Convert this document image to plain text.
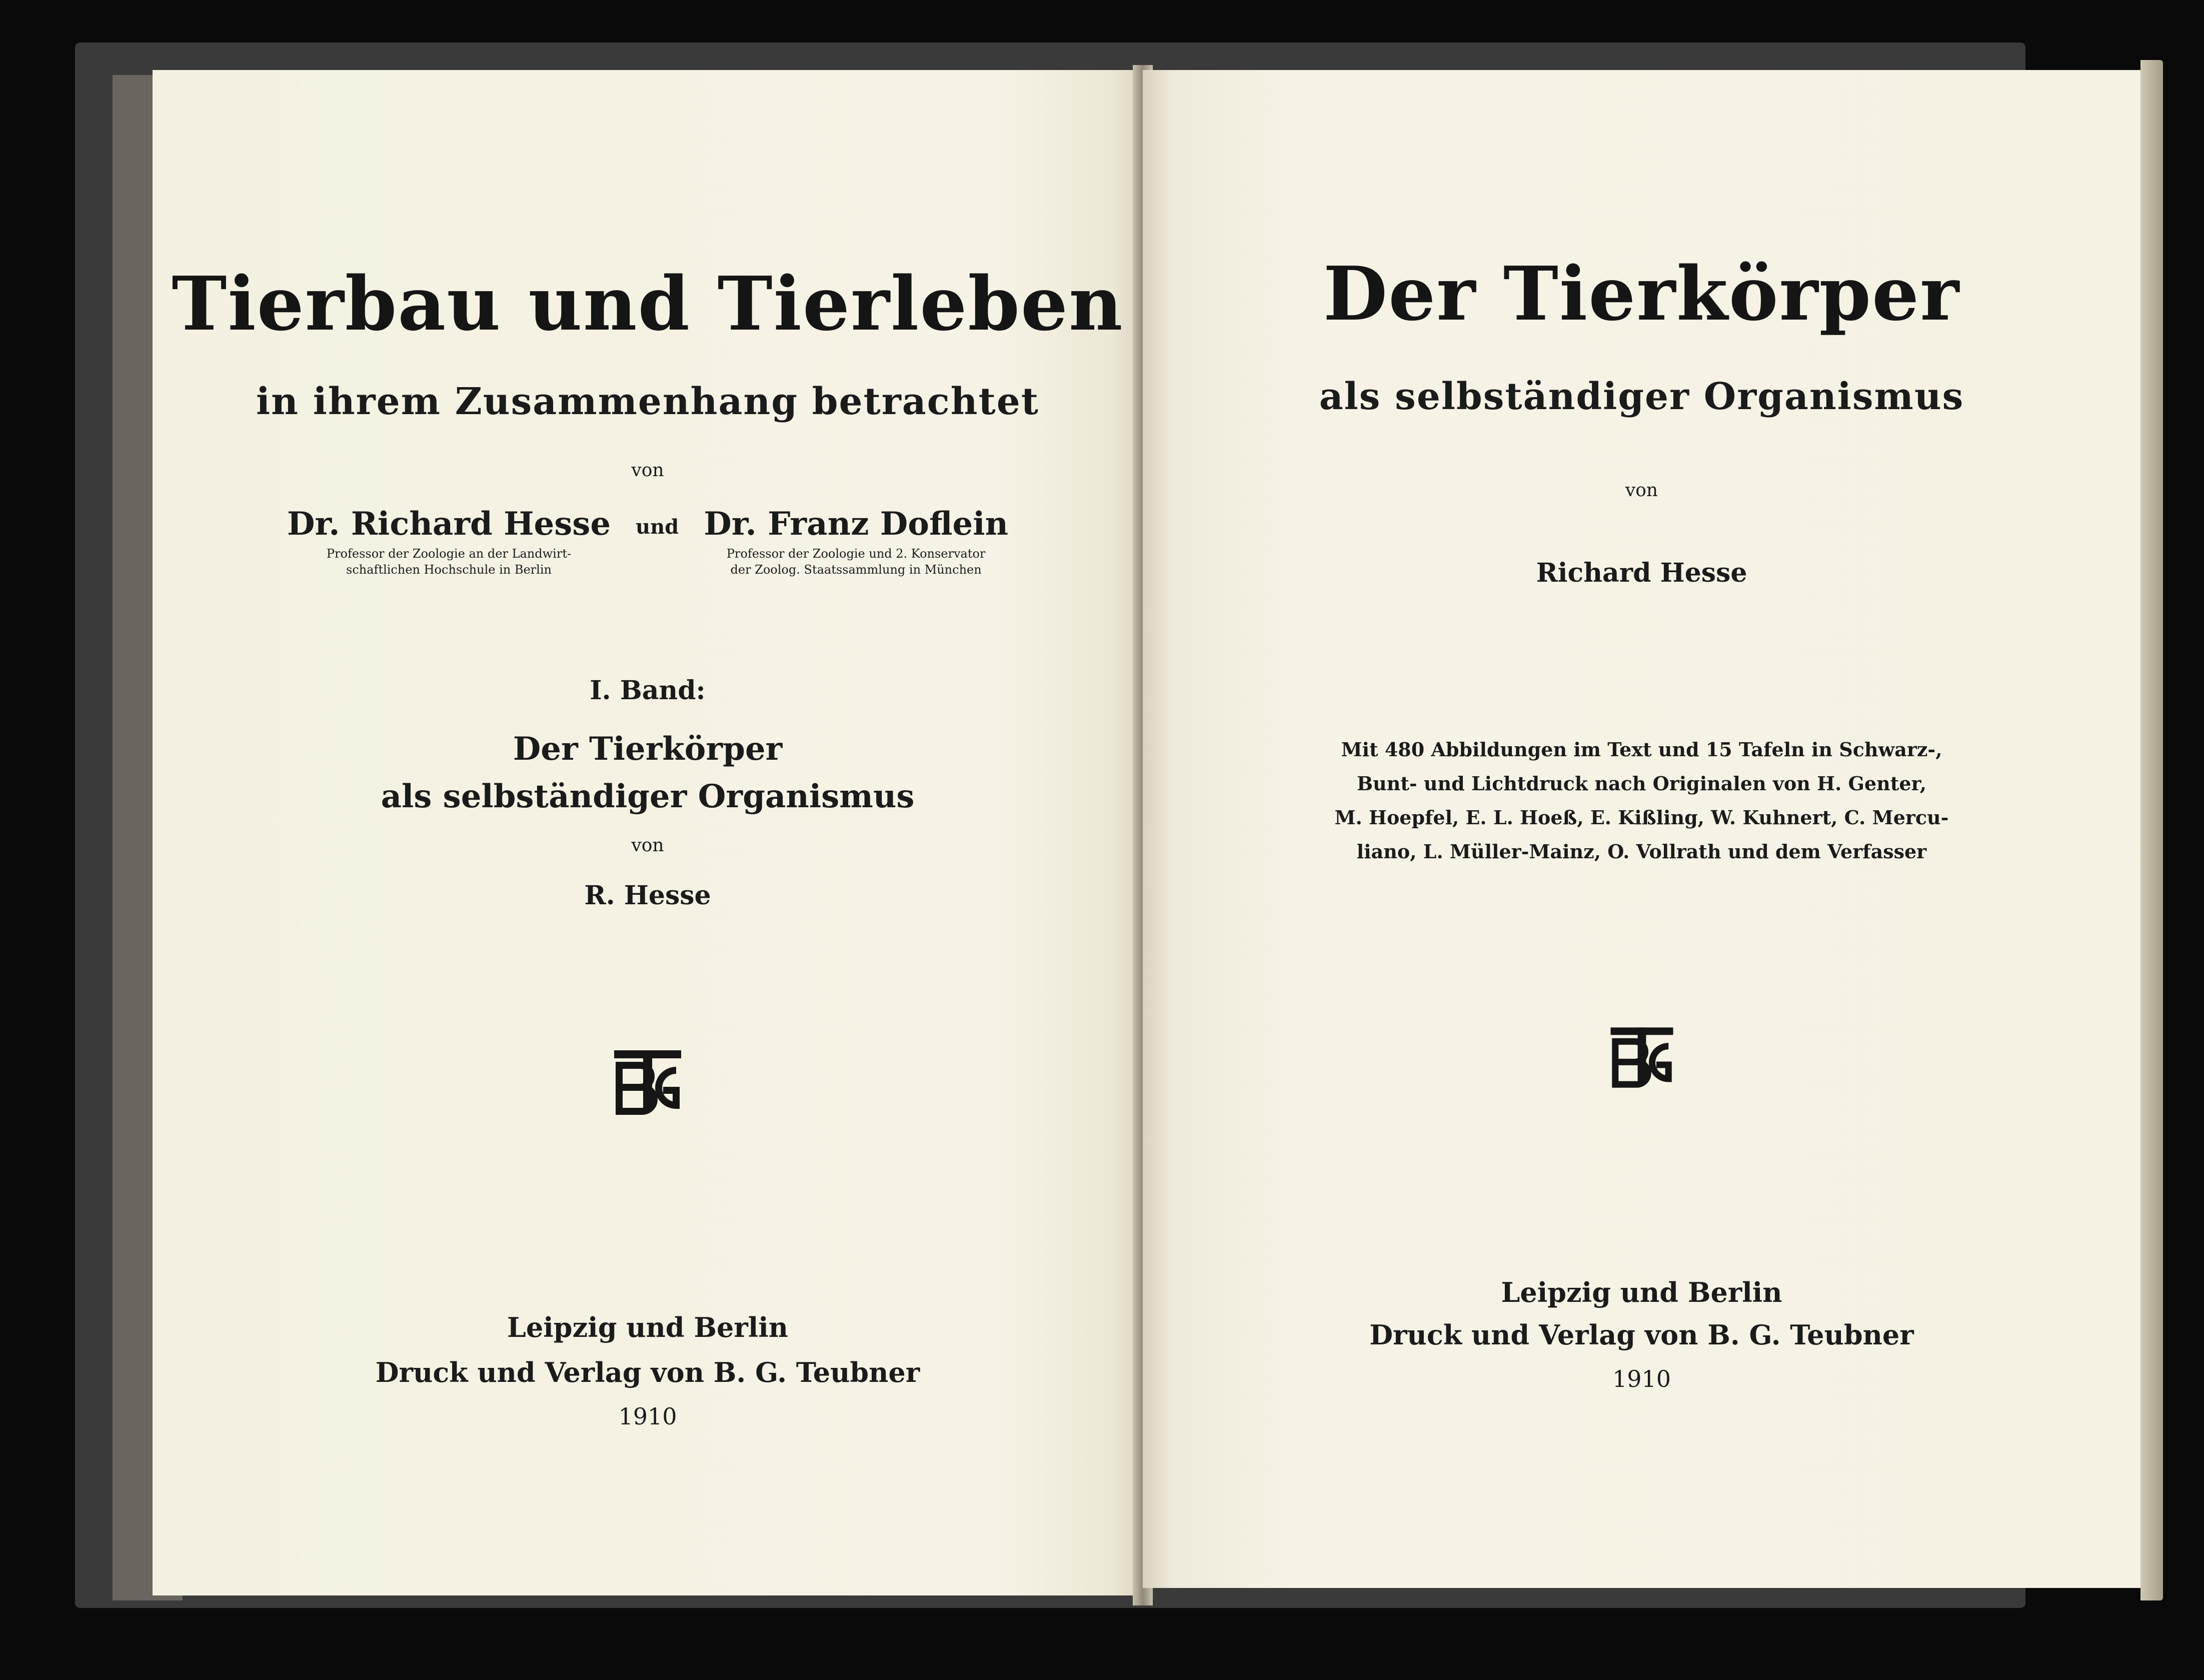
Tierbau und Tierleben
in ihrem Zusammenhang betrachtet
von
Dr. Richard Hesse
Professor der Zoologie an der Landwirt-
schaftlichen Hochschule in Berlin
und Dr. Franz Doflein
Professor der Zoologie und 2. Konservator
der Zoolog. Staatssammlung in München
I. Band:
Der Tierkörper
als selbständiger Organismus
von
R. Hesse
Leipzig und Berlin
Druck und Verlag von B. G. Teubner
1910
Der Tierkörper
als selbständiger Organismus
von
Richard Hesse
Mit 480 Abbildungen im Text und 15 Tafeln in Schwarz-,
Bunt- und Lichtdruck nach Originalen von H. Genter,
M. Hoepfel, E. L. Hoeß, E. Kißling, W. Kuhnert, C. Mercu-
liano, L. Müller-Mainz, O. Vollrath und dem Verfasser
Leipzig und Berlin
Druck und Verlag von B. G. Teubner
1910
